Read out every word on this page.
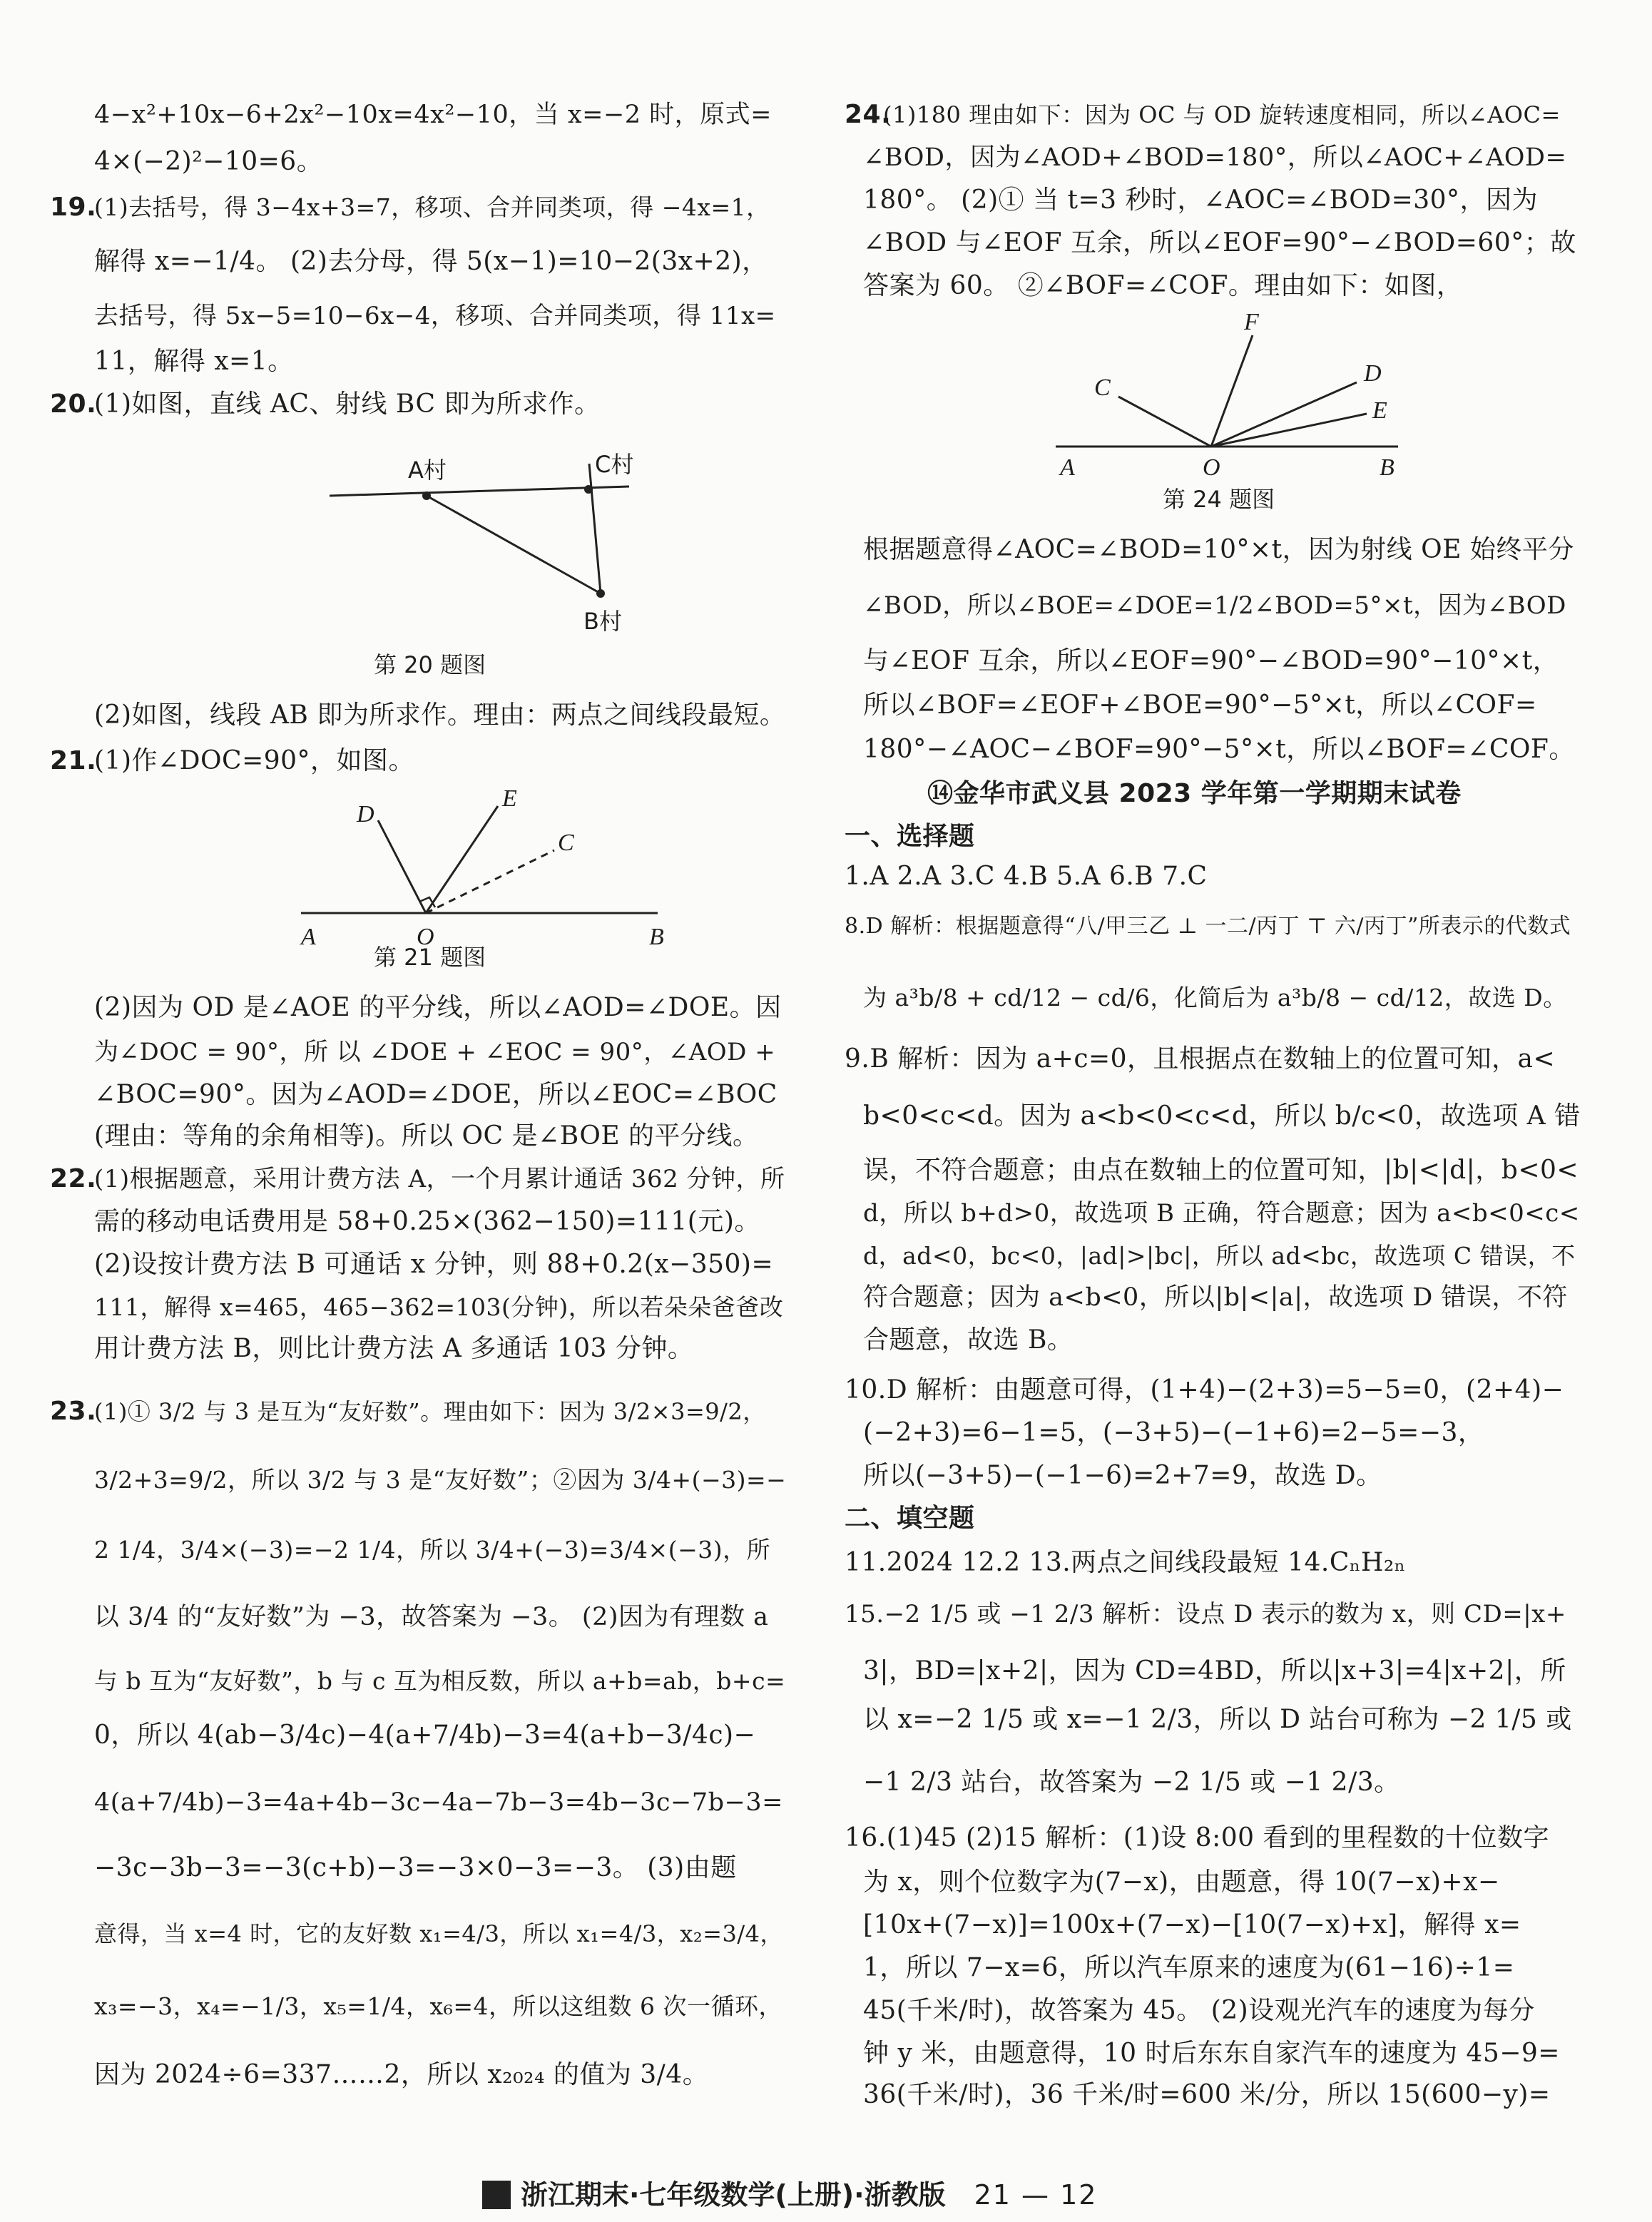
4−x²+10x−6+2x²−10x=4x²−10，当 x=−2 时，原式=
4×(−2)²−10=6。
19.
(1)去括号，得 3−4x+3=7，移项、合并同类项，得 −4x=1，
解得 x=−1/4。 (2)去分母，得 5(x−1)=10−2(3x+2)，
去括号，得 5x−5=10−6x−4，移项、合并同类项，得 11x=
11，解得 x=1。
20.
(1)如图，直线 AC、射线 BC 即为所求作。
A村	C村
B村
第 20 题图
(2)如图，线段 AB 即为所求作。理由：两点之间线段最短。
21.
(1)作∠DOC=90°，如图。
A	O	B
D
E
C
第 21 题图
(2)因为 OD 是∠AOE 的平分线，所以∠AOD=∠DOE。因
为∠DOC = 90°，所 以 ∠DOE + ∠EOC = 90°，∠AOD +
∠BOC=90°。因为∠AOD=∠DOE，所以∠EOC=∠BOC
(理由：等角的余角相等)。所以 OC 是∠BOE 的平分线。
22.
(1)根据题意，采用计费方法 A，一个月累计通话 362 分钟，所
需的移动电话费用是 58+0.25×(362−150)=111(元)。
(2)设按计费方法 B 可通话 x 分钟，则 88+0.2(x−350)=
111，解得 x=465，465−362=103(分钟)，所以若朵朵爸爸改
用计费方法 B，则比计费方法 A 多通话 103 分钟。
23.
(1)① 3/2 与 3 是互为“友好数”。理由如下：因为 3/2×3=9/2，
3/2+3=9/2，所以 3/2 与 3 是“友好数”；②因为 3/4+(−3)=−
2 1/4，3/4×(−3)=−2 1/4，所以 3/4+(−3)=3/4×(−3)，所
以 3/4 的“友好数”为 −3，故答案为 −3。 (2)因为有理数 a
与 b 互为“友好数”，b 与 c 互为相反数，所以 a+b=ab，b+c=
0，所以 4(ab−3/4c)−4(a+7/4b)−3=4(a+b−3/4c)−
4(a+7/4b)−3=4a+4b−3c−4a−7b−3=4b−3c−7b−3=
−3c−3b−3=−3(c+b)−3=−3×0−3=−3。 (3)由题
意得，当 x=4 时，它的友好数 x₁=4/3，所以 x₁=4/3，x₂=3/4，
x₃=−3，x₄=−1/3，x₅=1/4，x₆=4，所以这组数 6 次一循环，
因为 2024÷6=337……2，所以 x₂₀₂₄ 的值为 3/4。
24.
(1)180 理由如下：因为 OC 与 OD 旋转速度相同，所以∠AOC=
∠BOD，因为∠AOD+∠BOD=180°，所以∠AOC+∠AOD=
180°。 (2)① 当 t=3 秒时，∠AOC=∠BOD=30°，因为
∠BOD 与∠EOF 互余，所以∠EOF=90°−∠BOD=60°；故
答案为 60。 ②∠BOF=∠COF。理由如下：如图，
A	O	B
C
F
D
E
第 24 题图
根据题意得∠AOC=∠BOD=10°×t，因为射线 OE 始终平分
∠BOD，所以∠BOE=∠DOE=1/2∠BOD=5°×t，因为∠BOD
与∠EOF 互余，所以∠EOF=90°−∠BOD=90°−10°×t，
所以∠BOF=∠EOF+∠BOE=90°−5°×t，所以∠COF=
180°−∠AOC−∠BOF=90°−5°×t，所以∠BOF=∠COF。
⑭金华市武义县 2023 学年第一学期期末试卷
一、选择题
1.A 2.A 3.C 4.B 5.A 6.B 7.C
8.D 解析：根据题意得“八/甲三乙 ⊥ 一二/丙丁 ⊤ 六/丙丁”所表示的代数式
为 a³b/8 + cd/12 − cd/6，化简后为 a³b/8 − cd/12，故选 D。
9.B 解析：因为 a+c=0，且根据点在数轴上的位置可知，a<
b<0<c<d。因为 a<b<0<c<d，所以 b/c<0，故选项 A 错
误，不符合题意；由点在数轴上的位置可知，|b|<|d|，b<0<
d，所以 b+d>0，故选项 B 正确，符合题意；因为 a<b<0<c<
d，ad<0，bc<0，|ad|>|bc|，所以 ad<bc，故选项 C 错误，不
符合题意；因为 a<b<0，所以|b|<|a|，故选项 D 错误，不符
合题意，故选 B。
10.D 解析：由题意可得，(1+4)−(2+3)=5−5=0，(2+4)−
(−2+3)=6−1=5，(−3+5)−(−1+6)=2−5=−3，
所以(−3+5)−(−1−6)=2+7=9，故选 D。
二、填空题
11.2024 12.2 13.两点之间线段最短 14.CₙH₂ₙ
15.−2 1/5 或 −1 2/3 解析：设点 D 表示的数为 x，则 CD=|x+
3|，BD=|x+2|，因为 CD=4BD，所以|x+3|=4|x+2|，所
以 x=−2 1/5 或 x=−1 2/3，所以 D 站台可称为 −2 1/5 或
−1 2/3 站台，故答案为 −2 1/5 或 −1 2/3。
16.(1)45 (2)15 解析：(1)设 8:00 看到的里程数的十位数字
为 x，则个位数字为(7−x)，由题意，得 10(7−x)+x−
[10x+(7−x)]=100x+(7−x)−[10(7−x)+x]，解得 x=
1，所以 7−x=6，所以汽车原来的速度为(61−16)÷1=
45(千米/时)，故答案为 45。 (2)设观光汽车的速度为每分
钟 y 米，由题意得，10 时后东东自家汽车的速度为 45−9=
36(千米/时)，36 千米/时=600 米/分，所以 15(600−y)=
浙江期末·七年级数学(上册)·浙教版 21 — 12
